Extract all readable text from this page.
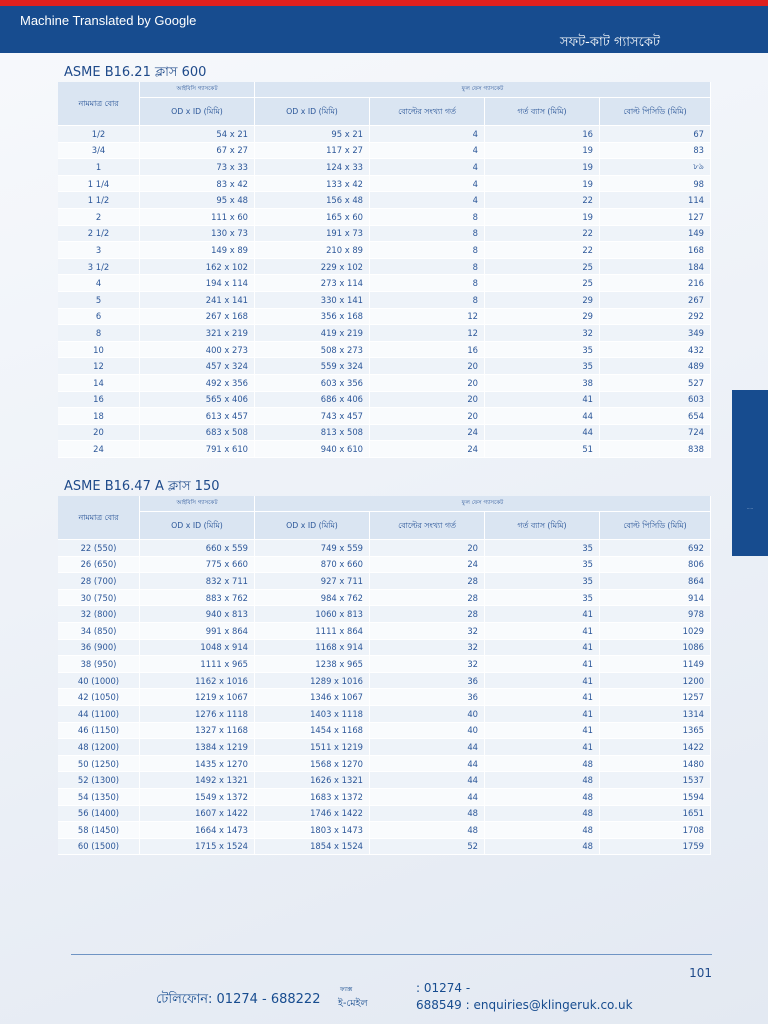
Machine Translated by Google
সফট-কাট গ্যাসকেট
.....
ASME B16.21 ক্লাস 600
নামমাত্র বোর	আইবিসি গ্যাসকেট	ফুল ফেস গ্যাসকেট			
	OD x ID (মিমি)	OD x ID (মিমি)	বোল্টের সংখ্যা গর্ত	গর্ত ব্যাস (মিমি)	বোল্ট পিসিডি (মিমি)
1/2	54 x 21	95 x 21	4	16	67
3/4	67 x 27	117 x 27	4	19	83
1	73 x 33	124 x 33	4	19	৮৯
1 1/4	83 x 42	133 x 42	4	19	98
1 1/2	95 x 48	156 x 48	4	22	114
2	111 x 60	165 x 60	8	19	127
2 1/2	130 x 73	191 x 73	8	22	149
3	149 x 89	210 x 89	8	22	168
3 1/2	162 x 102	229 x 102	8	25	184
4	194 x 114	273 x 114	8	25	216
5	241 x 141	330 x 141	8	29	267
6	267 x 168	356 x 168	12	29	292
8	321 x 219	419 x 219	12	32	349
10	400 x 273	508 x 273	16	35	432
12	457 x 324	559 x 324	20	35	489
14	492 x 356	603 x 356	20	38	527
16	565 x 406	686 x 406	20	41	603
18	613 x 457	743 x 457	20	44	654
20	683 x 508	813 x 508	24	44	724
24	791 x 610	940 x 610	24	51	838
ASME B16.47 A ক্লাস 150
নামমাত্র বোর	আইবিসি গ্যাসকেট	ফুল ফেস গ্যাসকেট			
	OD x ID (মিমি)	OD x ID (মিমি)	বোল্টের সংখ্যা গর্ত	গর্ত ব্যাস (মিমি)	বোল্ট পিসিডি (মিমি)
22 (550)	660 x 559	749 x 559	20	35	692
26 (650)	775 x 660	870 x 660	24	35	806
28 (700)	832 x 711	927 x 711	28	35	864
30 (750)	883 x 762	984 x 762	28	35	914
32 (800)	940 x 813	1060 x 813	28	41	978
34 (850)	991 x 864	1111 x 864	32	41	1029
36 (900)	1048 x 914	1168 x 914	32	41	1086
38 (950)	1111 x 965	1238 x 965	32	41	1149
40 (1000)	1162 x 1016	1289 x 1016	36	41	1200
42 (1050)	1219 x 1067	1346 x 1067	36	41	1257
44 (1100)	1276 x 1118	1403 x 1118	40	41	1314
46 (1150)	1327 x 1168	1454 x 1168	40	41	1365
48 (1200)	1384 x 1219	1511 x 1219	44	41	1422
50 (1250)	1435 x 1270	1568 x 1270	44	48	1480
52 (1300)	1492 x 1321	1626 x 1321	44	48	1537
54 (1350)	1549 x 1372	1683 x 1372	44	48	1594
56 (1400)	1607 x 1422	1746 x 1422	48	48	1651
58 (1450)	1664 x 1473	1803 x 1473	48	48	1708
60 (1500)	1715 x 1524	1854 x 1524	52	48	1759
101
টেলিফোন: 01274 - 688222
ফ্যাক্স
ই-মেইল
: 01274 -
688549 : enquiries@klingeruk.co.uk
